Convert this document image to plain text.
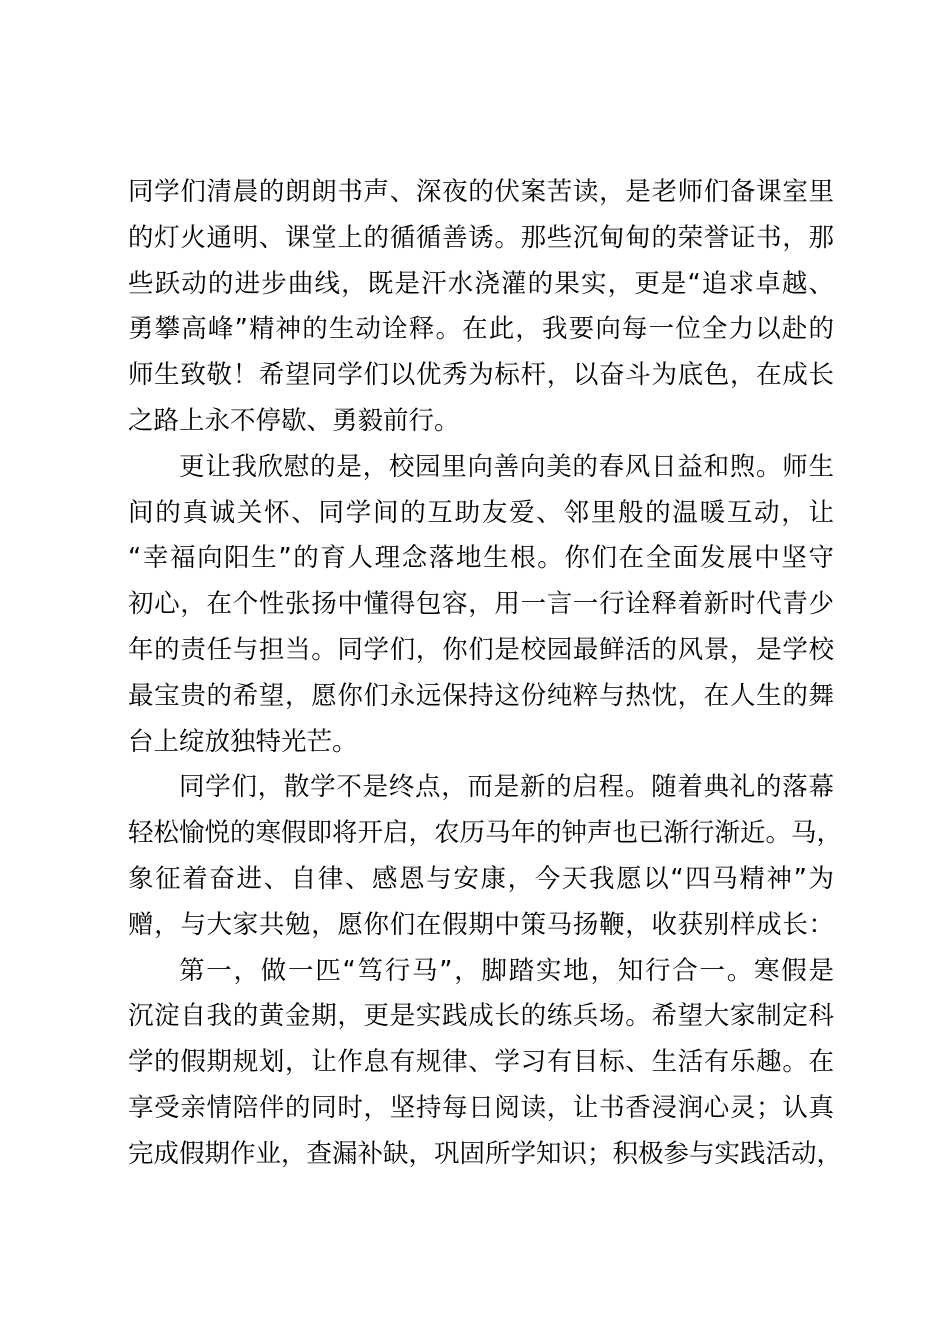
同学们清晨的朗朗书声、深夜的伏案苦读，是老师们备课室里
的灯火通明、课堂上的循循善诱。那些沉甸甸的荣誉证书，那
些跃动的进步曲线，既是汗水浇灌的果实，更是“追求卓越、
勇攀高峰”精神的生动诠释。在此，我要向每一位全力以赴的
师生致敬！希望同学们以优秀为标杆，以奋斗为底色，在成长
之路上永不停歇、勇毅前行。
更让我欣慰的是，校园里向善向美的春风日益和煦。师生
间的真诚关怀、同学间的互助友爱、邻里般的温暖互动，让
“幸福向阳生”的育人理念落地生根。你们在全面发展中坚守
初心，在个性张扬中懂得包容，用一言一行诠释着新时代青少
年的责任与担当。同学们，你们是校园最鲜活的风景，是学校
最宝贵的希望，愿你们永远保持这份纯粹与热忱，在人生的舞
台上绽放独特光芒。
同学们，散学不是终点，而是新的启程。随着典礼的落幕
轻松愉悦的寒假即将开启，农历马年的钟声也已渐行渐近。马，
象征着奋进、自律、感恩与安康，今天我愿以“四马精神”为
赠，与大家共勉，愿你们在假期中策马扬鞭，收获别样成长：
第一，做一匹“笃行马”，脚踏实地，知行合一。寒假是
沉淀自我的黄金期，更是实践成长的练兵场。希望大家制定科
学的假期规划，让作息有规律、学习有目标、生活有乐趣。在
享受亲情陪伴的同时，坚持每日阅读，让书香浸润心灵；认真
完成假期作业，查漏补缺，巩固所学知识；积极参与实践活动，
